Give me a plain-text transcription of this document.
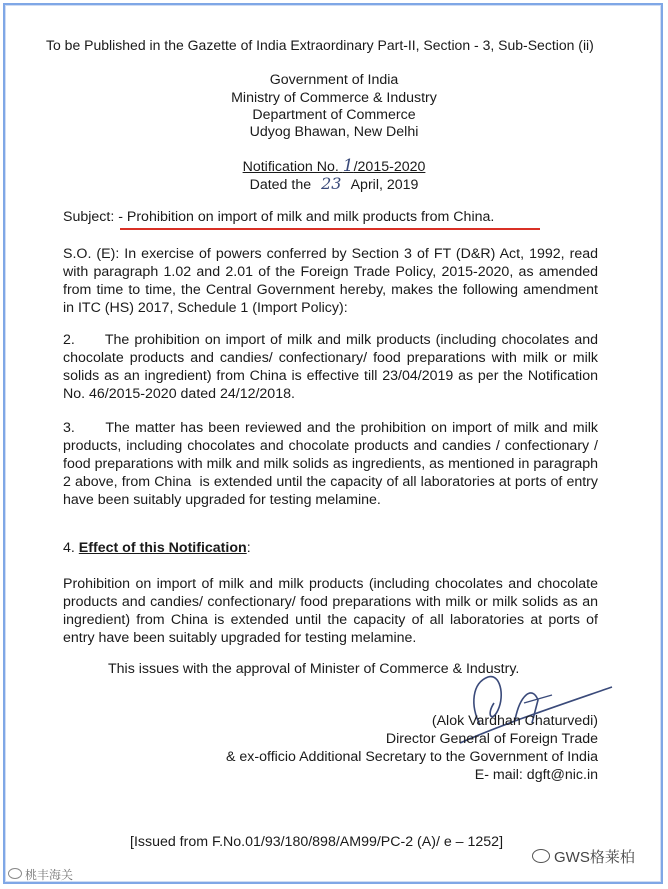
To be Published in the Gazette of India Extraordinary Part-II, Section - 3, Sub-Section (ii)
Government of India
Ministry of Commerce & Industry
Department of Commerce
Udyog Bhawan, New Delhi
Notification No. 1/2015-2020
Dated the 23 April, 2019
Subject: - Prohibition on import of milk and milk products from China.
S.O. (E): In exercise of powers conferred by Section 3 of FT (D&R) Act, 1992, read with paragraph 1.02 and 2.01 of the Foreign Trade Policy, 2015-2020, as amended from time to time, the Central Government hereby, makes the following amendment in ITC (HS) 2017, Schedule 1 (Import Policy):
2.      The prohibition on import of milk and milk products (including chocolates and chocolate products and candies/ confectionary/ food preparations with milk or milk solids as an ingredient) from China is effective till 23/04/2019 as per the Notification No. 46/2015-2020 dated 24/12/2018.
3.      The matter has been reviewed and the prohibition on import of milk and milk products, including chocolates and chocolate products and candies / confectionary / food preparations with milk and milk solids as ingredients, as mentioned in paragraph 2 above, from China  is extended until the capacity of all laboratories at ports of entry have been suitably upgraded for testing melamine.
4. Effect of this Notification:
Prohibition on import of milk and milk products (including chocolates and chocolate products and candies/ confectionary/ food preparations with milk or milk solids as an ingredient) from China is extended until the capacity of all laboratories at ports of entry have been suitably upgraded for testing melamine.
This issues with the approval of Minister of Commerce & Industry.
(Alok Vardhan Chaturvedi)
Director General of Foreign Trade
& ex-officio Additional Secretary to the Government of India
E- mail: dgft@nic.in
[Issued from F.No.01/93/180/898/AM99/PC-2 (A)/ e – 1252]
桃丰海关
GWS格莱柏
